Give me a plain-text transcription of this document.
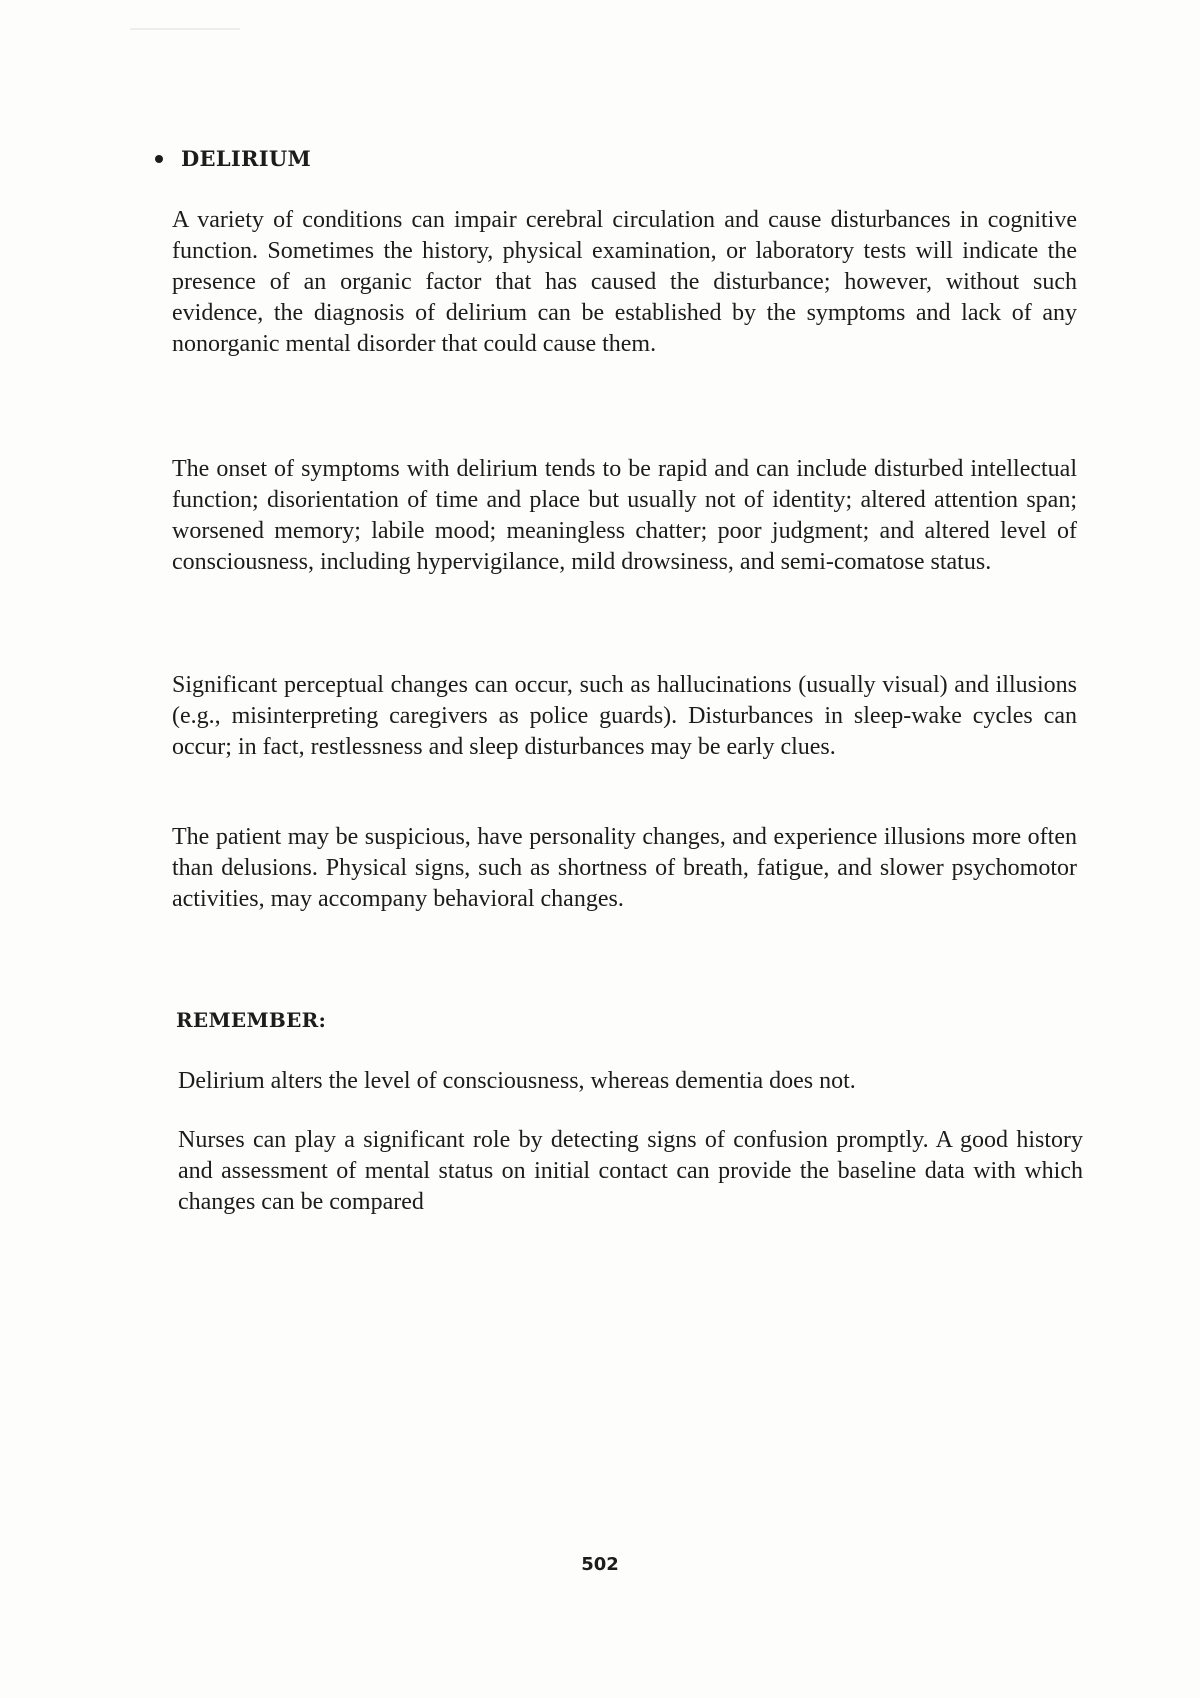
DELIRIUM

A variety of conditions can impair cerebral circulation and cause disturbances in cognitive function. Sometimes the history, physical examination, or laboratory tests will indicate the presence of an organic factor that has caused the disturbance; however, without such evidence, the diagnosis of delirium can be established by the symptoms and lack of any nonorganic mental disorder that could cause them.

The onset of symptoms with delirium tends to be rapid and can include disturbed intellectual function; disorientation of time and place but usually not of identity; altered attention span; worsened memory; labile mood; meaningless chatter; poor judgment; and altered level of consciousness, including hypervigilance, mild drowsiness, and semi-comatose status.

Significant perceptual changes can occur, such as hallucinations (usually visual) and illusions (e.g., misinterpreting caregivers as police guards). Disturbances in sleep-wake cycles can occur; in fact, restlessness and sleep disturbances may be early clues.

The patient may be suspicious, have personality changes, and experience illusions more often than delusions. Physical signs, such as shortness of breath, fatigue, and slower psychomotor activities, may accompany behavioral changes.

REMEMBER:

Delirium alters the level of consciousness, whereas dementia does not.

Nurses can play a significant role by detecting signs of confusion promptly. A good history and assessment of mental status on initial contact can provide the baseline data with which changes can be compared

502
